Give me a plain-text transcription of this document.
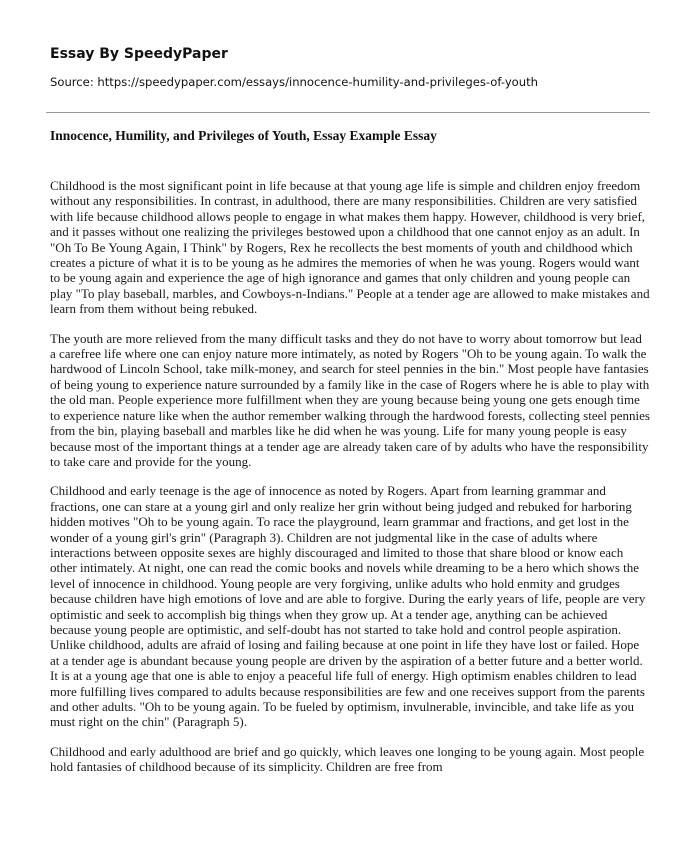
Essay By SpeedyPaper
Source: https://speedypaper.com/essays/innocence-humility-and-privileges-of-youth
Innocence, Humility, and Privileges of Youth, Essay Example Essay

Childhood is the most significant point in life because at that young age life is simple and children enjoy freedom without any responsibilities. In contrast, in adulthood, there are many responsibilities. Children are very satisfied with life because childhood allows people to engage in what makes them happy. However, childhood is very brief, and it passes without one realizing the privileges bestowed upon a childhood that one cannot enjoy as an adult. In "Oh To Be Young Again, I Think" by Rogers, Rex he recollects the best moments of youth and childhood which creates a picture of what it is to be young as he admires the memories of when he was young. Rogers would want to be young again and experience the age of high ignorance and games that only children and young people can play "To play baseball, marbles, and Cowboys-n-Indians." People at a tender age are allowed to make mistakes and learn from them without being rebuked.

The youth are more relieved from the many difficult tasks and they do not have to worry about tomorrow but lead a carefree life where one can enjoy nature more intimately, as noted by Rogers "Oh to be young again. To walk the hardwood of Lincoln School, take milk-money, and search for steel pennies in the bin." Most people have fantasies of being young to experience nature surrounded by a family like in the case of Rogers where he is able to play with the old man. People experience more fulfillment when they are young because being young one gets enough time to experience nature like when the author remember walking through the hardwood forests, collecting steel pennies from the bin, playing baseball and marbles like he did when he was young. Life for many young people is easy because most of the important things at a tender age are already taken care of by adults who have the responsibility to take care and provide for the young.

Childhood and early teenage is the age of innocence as noted by Rogers. Apart from learning grammar and fractions, one can stare at a young girl and only realize her grin without being judged and rebuked for harboring hidden motives "Oh to be young again. To race the playground, learn grammar and fractions, and get lost in the wonder of a young girl's grin" (Paragraph 3). Children are not judgmental like in the case of adults where interactions between opposite sexes are highly discouraged and limited to those that share blood or know each other intimately. At night, one can read the comic books and novels while dreaming to be a hero which shows the level of innocence in childhood. Young people are very forgiving, unlike adults who hold enmity and grudges because children have high emotions of love and are able to forgive. During the early years of life, people are very optimistic and seek to accomplish big things when they grow up. At a tender age, anything can be achieved because young people are optimistic, and self-doubt has not started to take hold and control people aspiration. Unlike childhood, adults are afraid of losing and failing because at one point in life they have lost or failed. Hope at a tender age is abundant because young people are driven by the aspiration of a better future and a better world. It is at a young age that one is able to enjoy a peaceful life full of energy. High optimism enables children to lead more fulfilling lives compared to adults because responsibilities are few and one receives support from the parents and other adults. "Oh to be young again. To be fueled by optimism, invulnerable, invincible, and take life as you must right on the chin" (Paragraph 5).

Childhood and early adulthood are brief and go quickly, which leaves one longing to be young again. Most people hold fantasies of childhood because of its simplicity. Children are free from
